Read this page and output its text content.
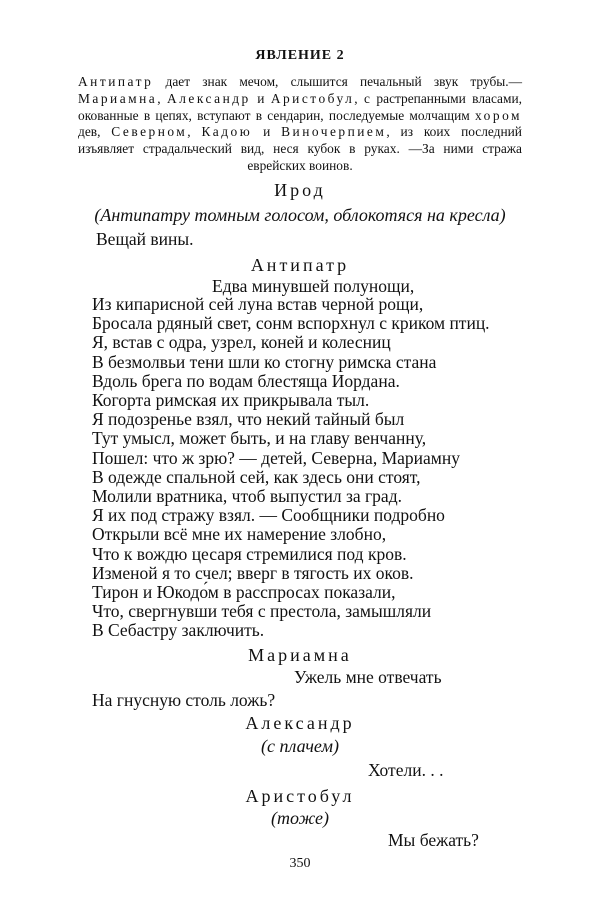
ЯВЛЕНИЕ 2
Антипатр дает знак мечом, слышится печальный звук трубы.— Мариамна, Александр и Аристобул, с растрепанными власами, окованные в цепях, вступают в сендарин, последуемые молчащим хором дев, Северном, Кадою и Виночерпием, из коих последний изъявляет страдальческий вид, неся кубок в руках. —За ними стража еврейских воинов.
Ирод
(Антипатру томным голосом, облокотяся на кресла)
Вещай вины.
Антипатр
Едва минувшей полунощи,
Из кипарисной сей луна встав черной рощи,
Бросала рдяный свет, сонм вспорхнул с криком птиц.
Я, встав с одра, узрел, коней и колесниц
В безмолвьи тени шли ко стогну римска стана
Вдоль брега по водам блестяща Иордана.
Когорта римская их прикрывала тыл.
Я подозренье взял, что некий тайный был
Тут умысл, может быть, и на главу венчанну,
Пошел: что ж зрю? — детей, Северна, Мариамну
В одежде спальной сей, как здесь они стоят,
Молили вратника, чтоб выпустил за град.
Я их под стражу взял. — Сообщники подробно
Открыли всё мне их намерение злобно,
Что к вождю цесаря стремилися под кров.
Изменой я то счел; вверг в тягость их оков.
Тирон и Юкодо́м в расспросах показали,
Что, свергнувши тебя с престола, замышляли
В Себастру заключить.
Мариамна
Ужель мне отвечать
На гнусную столь ложь?
Александр
(с плачем)
Хотели. . .
Аристобул
(тоже)
Мы бежать?
350
